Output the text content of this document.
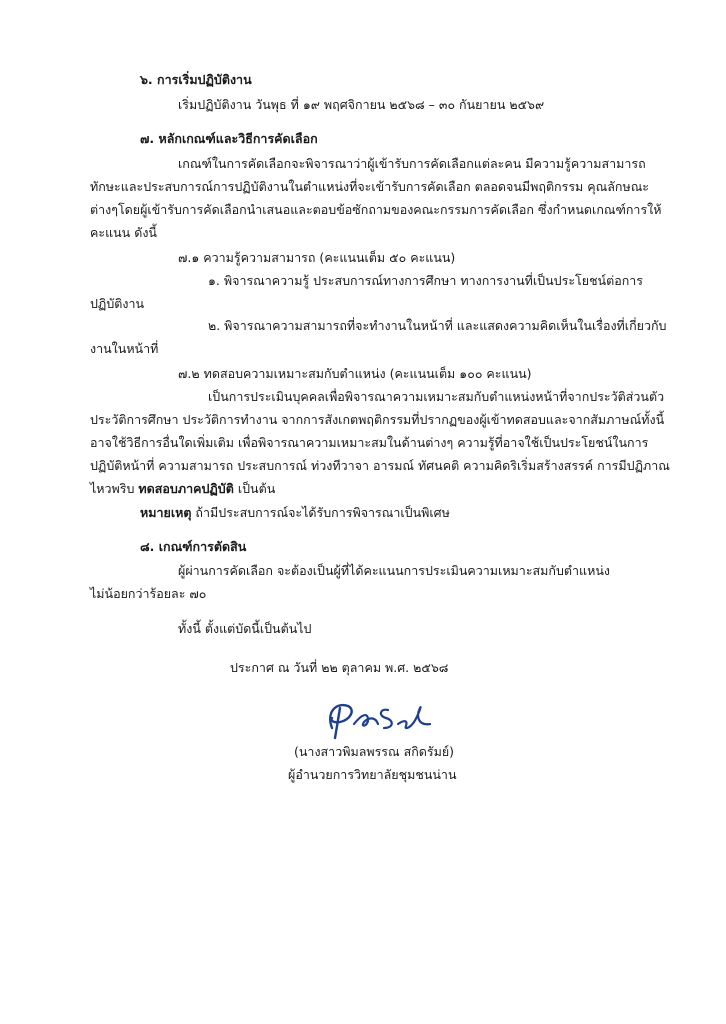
๖. การเริ่มปฏิบัติงาน
เริ่มปฏิบัติงาน วันพุธ ที่ ๑๙ พฤศจิกายน ๒๕๖๘ – ๓๐ กันยายน ๒๕๖๙
๗. หลักเกณฑ์และวิธีการคัดเลือก
เกณฑ์ในการคัดเลือกจะพิจารณาว่าผู้เข้ารับการคัดเลือกแต่ละคน มีความรู้ความสามารถ
ทักษะและประสบการณ์การปฏิบัติงานในตำแหน่งที่จะเข้ารับการคัดเลือก ตลอดจนมีพฤติกรรม คุณลักษณะ
ต่างๆโดยผู้เข้ารับการคัดเลือกนำเสนอและตอบข้อซักถามของคณะกรรมการคัดเลือก ซึ่งกำหนดเกณฑ์การให้
คะแนน ดังนี้
๗.๑ ความรู้ความสามารถ (คะแนนเต็ม ๕๐ คะแนน)
๑. พิจารณาความรู้ ประสบการณ์ทางการศึกษา ทางการงานที่เป็นประโยชน์ต่อการ
ปฏิบัติงาน
๒. พิจารณาความสามารถที่จะทำงานในหน้าที่ และแสดงความคิดเห็นในเรื่องที่เกี่ยวกับ
งานในหน้าที่
๗.๒ ทดสอบความเหมาะสมกับตำแหน่ง (คะแนนเต็ม ๑๐๐ คะแนน)
เป็นการประเมินบุคคลเพื่อพิจารณาความเหมาะสมกับตำแหน่งหน้าที่จากประวัติส่วนตัว
ประวัติการศึกษา ประวัติการทำงาน จากการสังเกตพฤติกรรมที่ปรากฏของผู้เข้าทดสอบและจากสัมภาษณ์ทั้งนี้
อาจใช้วิธีการอื่นใดเพิ่มเติม เพื่อพิจารณาความเหมาะสมในด้านต่างๆ ความรู้ที่อาจใช้เป็นประโยชน์ในการ
ปฏิบัติหน้าที่ ความสามารถ ประสบการณ์ ท่วงทีวาจา อารมณ์ ทัศนคติ ความคิดริเริ่มสร้างสรรค์ การมีปฏิภาณ
ไหวพริบ ทดสอบภาคปฏิบัติ เป็นต้น
หมายเหตุ ถ้ามีประสบการณ์จะได้รับการพิจารณาเป็นพิเศษ
๘. เกณฑ์การตัดสิน
ผู้ผ่านการคัดเลือก จะต้องเป็นผู้ที่ได้คะแนนการประเมินความเหมาะสมกับตำแหน่ง
ไม่น้อยกว่าร้อยละ ๗๐
ทั้งนี้ ตั้งแต่บัดนี้เป็นต้นไป
ประกาศ ณ วันที่ ๒๒ ตุลาคม พ.ศ. ๒๕๖๘
(นางสาวพิมลพรรณ สกิดรัมย์)
ผู้อำนวยการวิทยาลัยชุมชนน่าน
